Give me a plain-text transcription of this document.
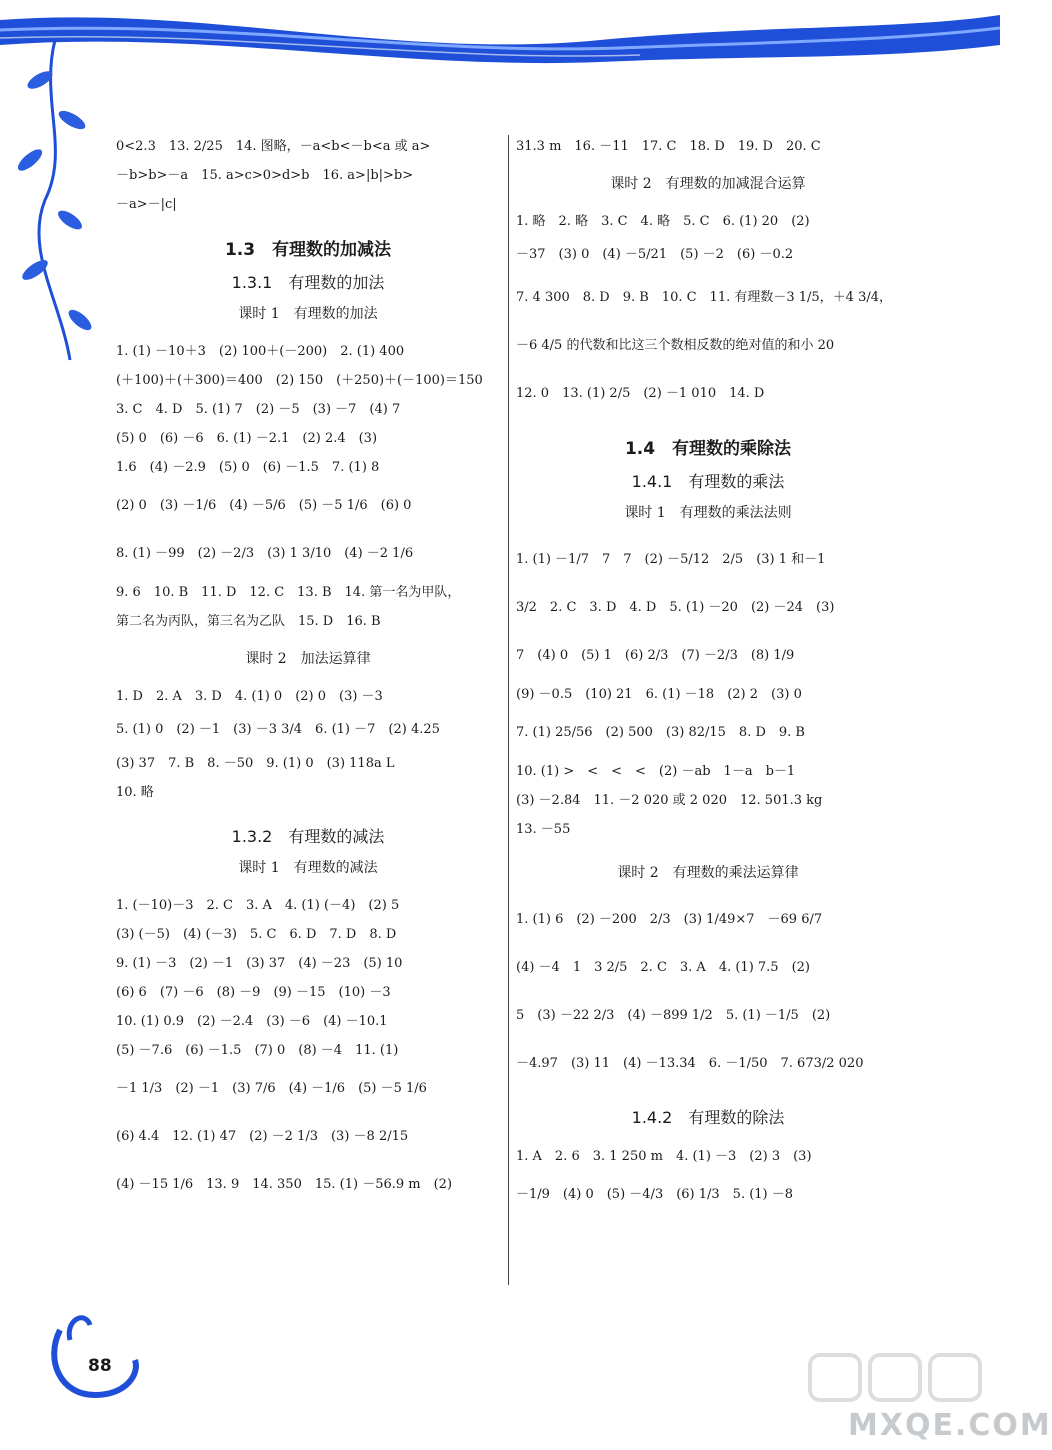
0<2.3　13. 2/25　14. 图略，－a<b<－b<a 或 a>
－b>b>－a　15. a>c>0>d>b　16. a>|b|>b>
－a>－|c|
1.3　有理数的加减法
1.3.1　有理数的加法
课时 1　有理数的加法
1. (1) －10＋3　(2) 100＋(－200)　2. (1) 400
(＋100)＋(＋300)＝400　(2) 150　(＋250)＋(－100)＝150
3. C　4. D　5. (1) 7　(2) －5　(3) －7　(4) 7
(5) 0　(6) －6　6. (1) －2.1　(2) 2.4　(3)
1.6　(4) －2.9　(5) 0　(6) －1.5　7. (1) 8
(2) 0　(3) －1/6　(4) －5/6　(5) －5 1/6　(6) 0
8. (1) －99　(2) －2/3　(3) 1 3/10　(4) －2 1/6
9. 6　10. B　11. D　12. C　13. B　14. 第一名为甲队，
第二名为丙队，第三名为乙队　15. D　16. B
课时 2　加法运算律
1. D　2. A　3. D　4. (1) 0　(2) 0　(3) －3
5. (1) 0　(2) －1　(3) －3 3/4　6. (1) －7　(2) 4.25
(3) 37　7. B　8. －50　9. (1) 0　(3) 118a L
10. 略
1.3.2　有理数的减法
课时 1　有理数的减法
1. (－10)－3　2. C　3. A　4. (1) (－4)　(2) 5
(3) (－5)　(4) (－3)　5. C　6. D　7. D　8. D
9. (1) －3　(2) －1　(3) 37　(4) －23　(5) 10
(6) 6　(7) －6　(8) －9　(9) －15　(10) －3
10. (1) 0.9　(2) －2.4　(3) －6　(4) －10.1
(5) －7.6　(6) －1.5　(7) 0　(8) －4　11. (1)
－1 1/3　(2) －1　(3) 7/6　(4) －1/6　(5) －5 1/6
(6) 4.4　12. (1) 47　(2) －2 1/3　(3) －8 2/15
(4) －15 1/6　13. 9　14. 350　15. (1) －56.9 m　(2)
31.3 m　16. －11　17. C　18. D　19. D　20. C
课时 2　有理数的加减混合运算
1. 略　2. 略　3. C　4. 略　5. C　6. (1) 20　(2)
－37　(3) 0　(4) －5/21　(5) －2　(6) －0.2
7. 4 300　8. D　9. B　10. C　11. 有理数－3 1/5，＋4 3/4，
－6 4/5 的代数和比这三个数相反数的绝对值的和小 20
12. 0　13. (1) 2/5　(2) －1 010　14. D
1.4　有理数的乘除法
1.4.1　有理数的乘法
课时 1　有理数的乘法法则
1. (1) －1/7　7　7　(2) －5/12　2/5　(3) 1 和－1
3/2　2. C　3. D　4. D　5. (1) －20　(2) －24　(3)
7　(4) 0　(5) 1　(6) 2/3　(7) －2/3　(8) 1/9
(9) －0.5　(10) 21　6. (1) －18　(2) 2　(3) 0
7. (1) 25/56　(2) 500　(3) 82/15　8. D　9. B
10. (1) >　<　<　<　(2) －ab　1－a　b－1
(3) －2.84　11. －2 020 或 2 020　12. 501.3 kg
13. －55
课时 2　有理数的乘法运算律
1. (1) 6　(2) －200　2/3　(3) 1/49×7　－69 6/7
(4) －4　1　3 2/5　2. C　3. A　4. (1) 7.5　(2)
5　(3) －22 2/3　(4) －899 1/2　5. (1) －1/5　(2)
－4.97　(3) 11　(4) －13.34　6. －1/50　7. 673/2 020
1.4.2　有理数的除法
1. A　2. 6　3. 1 250 m　4. (1) －3　(2) 3　(3)
－1/9　(4) 0　(5) －4/3　(6) 1/3　5. (1) －8
88
MXQE.COM
